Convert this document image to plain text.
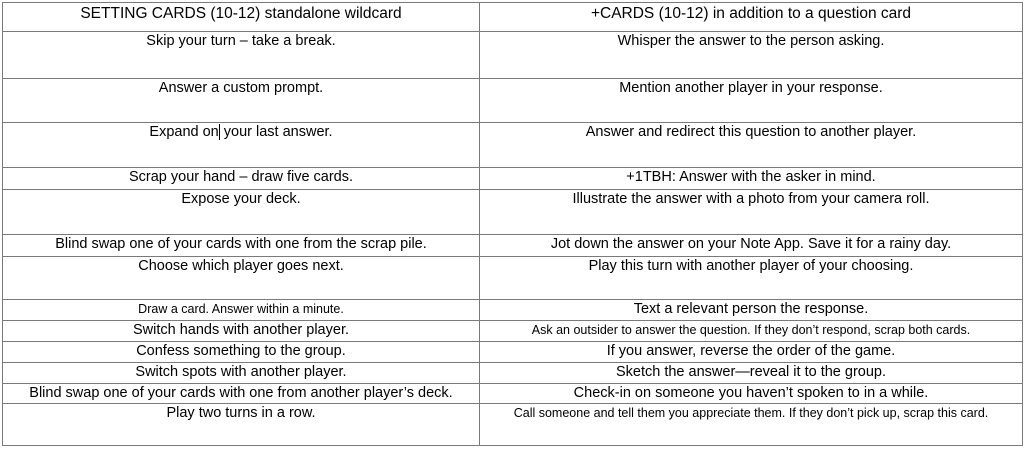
SETTING CARDS (10-12) standalone wildcard	+CARDS (10-12) in addition to a question card
Skip your turn – take a break.	Whisper the answer to the person asking.
Answer a custom prompt.	Mention another player in your response.
Expand on your last answer.	Answer and redirect this question to another player.
Scrap your hand – draw five cards.	+1TBH: Answer with the asker in mind.
Expose your deck.	Illustrate the answer with a photo from your camera roll.
Blind swap one of your cards with one from the scrap pile.	Jot down the answer on your Note App. Save it for a rainy day.
Choose which player goes next.	Play this turn with another player of your choosing.
Draw a card. Answer within a minute.	Text a relevant person the response.
Switch hands with another player.	Ask an outsider to answer the question. If they don’t respond, scrap both cards.
Confess something to the group.	If you answer, reverse the order of the game.
Switch spots with another player.	Sketch the answer—reveal it to the group.
Blind swap one of your cards with one from another player’s deck.	Check-in on someone you haven’t spoken to in a while.
Play two turns in a row.	Call someone and tell them you appreciate them. If they don’t pick up, scrap this card.
